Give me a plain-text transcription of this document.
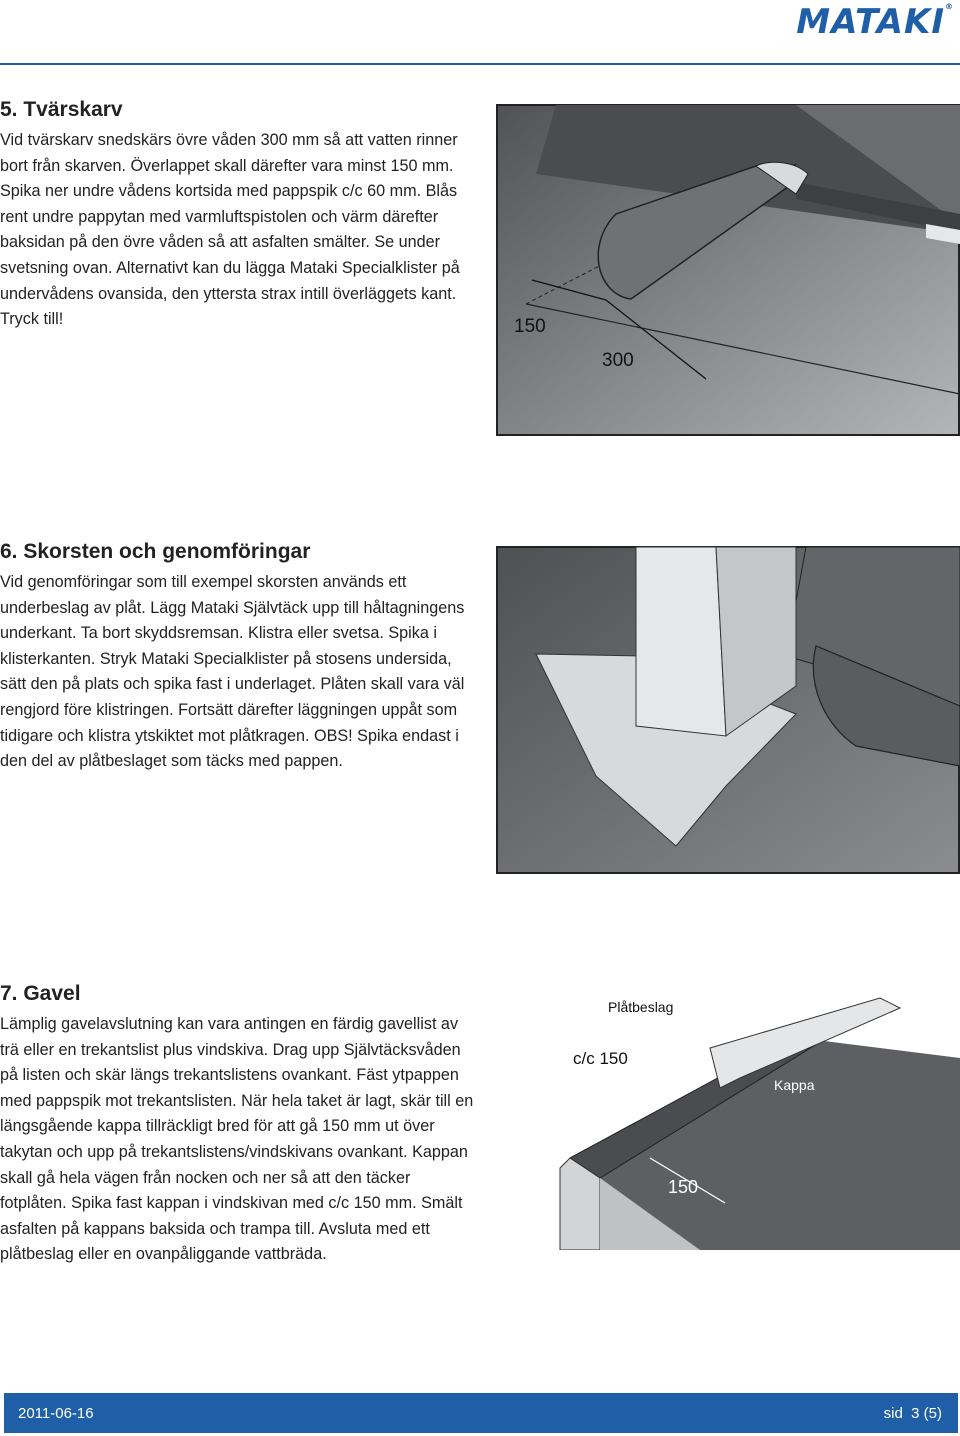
MATAKI®
5. Tvärskarv

Vid tvärskarv snedskärs övre våden 300 mm så att vatten rinner bort från skarven. Överlappet skall därefter vara minst 150 mm. Spika ner undre vådens kortsida med pappspik c/c 60 mm. Blås rent undre pappytan med varmluftspistolen och värm därefter baksidan på den övre våden så att asfalten smälter. Se under svetsning ovan. Alternativt kan du lägga Mataki Specialklister på undervådens ovansida, den yttersta strax intill överläggets kant. Tryck till!	150
300
6. Skorsten och genomföringar

Vid genomföringar som till exempel skorsten används ett underbeslag av plåt. Lägg Mataki Självtäck upp till håltagningens underkant. Ta bort skyddsremsan. Klistra eller svetsa. Spika i klisterkanten. Stryk Mataki Specialklister på stosens undersida, sätt den på plats och spika fast i underlaget. Plåten skall vara väl rengjord före klistringen. Fortsätt därefter läggningen uppåt som tidigare och klistra ytskiktet mot plåtkragen. OBS! Spika endast i den del av plåtbeslaget som täcks med pappen.

7. Gavel

Lämplig gavelavslutning kan vara antingen en färdig gavellist av trä eller en trekantslist plus vindskiva. Drag upp Självtäcksvåden på listen och skär längs trekantslistens ovankant. Fäst ytpappen med pappspik mot trekantslisten. När hela taket är lagt, skär till en längsgående kappa tillräckligt bred för att gå 150 mm ut över takytan och upp på trekantslistens/vindskivans ovankant. Kappan skall gå hela vägen från nocken och ner så att den täcker fotplåten. Spika fast kappan i vindskivan med c/c 150 mm. Smält asfalten på kappans baksida och trampa till. Avsluta med ett plåtbeslag eller en ovanpåliggande vattbräda.

Plåtbeslag
c/c 150
Kappa
150
2011-06-16	sid 3 (5)
